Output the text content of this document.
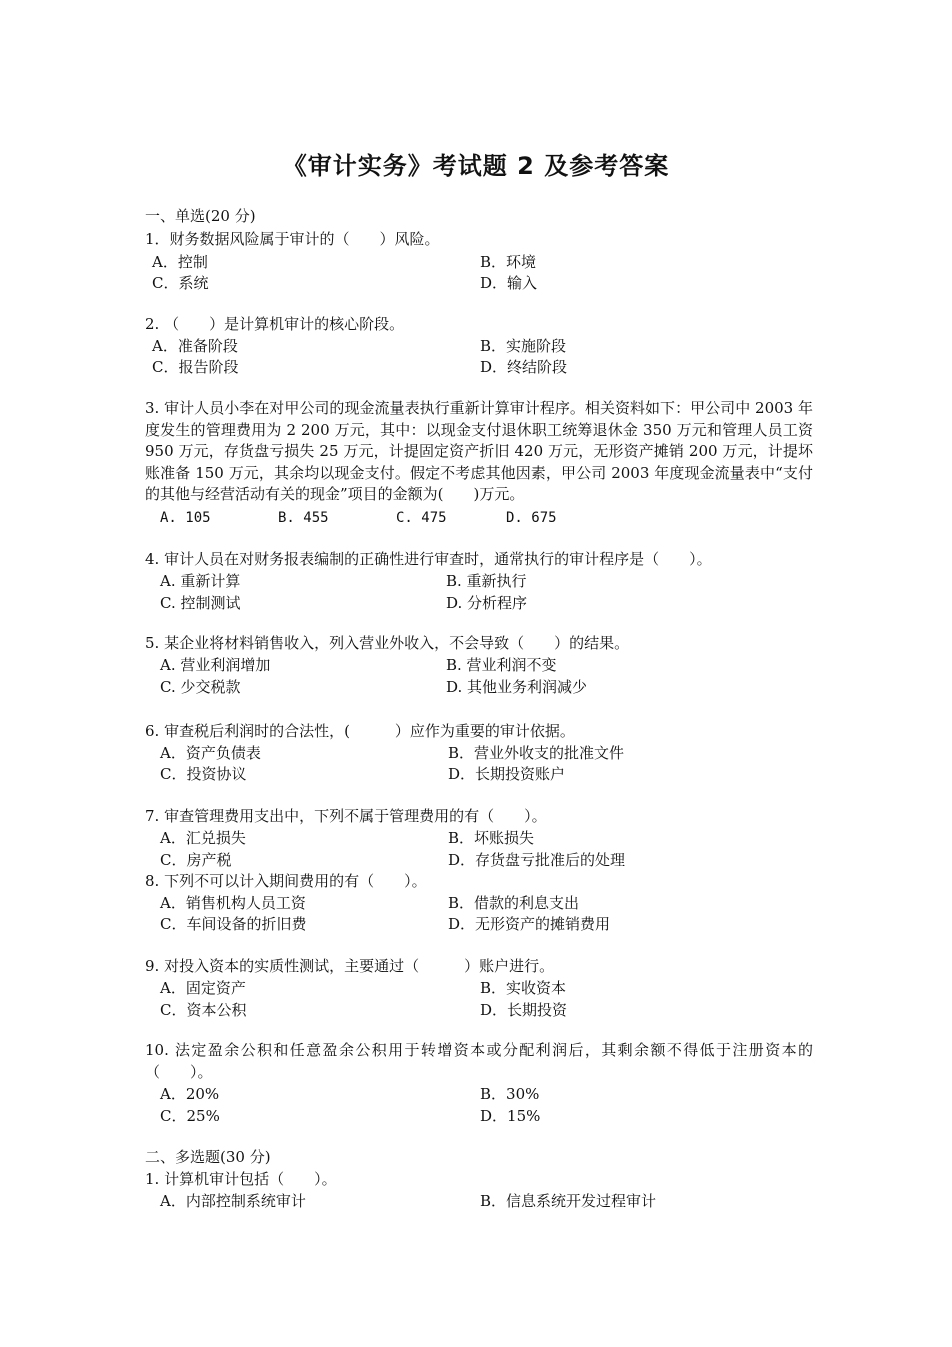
《审计实务》考试题 2 及参考答案
一、单选(20 分)
1．财务数据风险属于审计的（　　）风险。
A．控制	B．环境
C．系统	D．输入
2. （　　）是计算机审计的核心阶段。
A．准备阶段	B．实施阶段
C．报告阶段	D．终结阶段
3. 审计人员小李在对甲公司的现金流量表执行重新计算审计程序。相关资料如下：甲公司中 2003 年度发生的管理费用为 2 200 万元，其中：以现金支付退休职工统筹退休金 350 万元和管理人员工资 950 万元，存货盘亏损失 25 万元，计提固定资产折旧 420 万元，无形资产摊销 200 万元，计提坏账准备 150 万元，其余均以现金支付。假定不考虑其他因素，甲公司 2003 年度现金流量表中“支付的其他与经营活动有关的现金”项目的金额为(　　)万元。
A. 105	B. 455	C. 475	D. 675
4. 审计人员在对财务报表编制的正确性进行审查时，通常执行的审计程序是（　　）。
A. 重新计算	B. 重新执行
C. 控制测试	D. 分析程序
5. 某企业将材料销售收入，列入营业外收入，不会导致（　　）的结果。
A. 营业利润增加	B. 营业利润不变
C. 少交税款	D. 其他业务利润减少
6. 审查税后利润时的合法性，(　　　）应作为重要的审计依据。
A．资产负债表	B．营业外收支的批准文件
C．投资协议	D．长期投资账户
7. 审查管理费用支出中，下列不属于管理费用的有（　　）。
A．汇兑损失	B．坏账损失
C．房产税	D．存货盘亏批准后的处理
8. 下列不可以计入期间费用的有（　　）。
A．销售机构人员工资	B．借款的利息支出
C．车间设备的折旧费	D．无形资产的摊销费用
9. 对投入资本的实质性测试，主要通过（　　　）账户进行。
A．固定资产	B．实收资本
C．资本公积	D．长期投资
10. 法定盈余公积和任意盈余公积用于转增资本或分配利润后，其剩余额不得低于注册资本的（　　）。
A．20%	B．30%
C．25%	D．15%
二、多选题(30 分)
1. 计算机审计包括（　　）。
A．内部控制系统审计	B．信息系统开发过程审计
